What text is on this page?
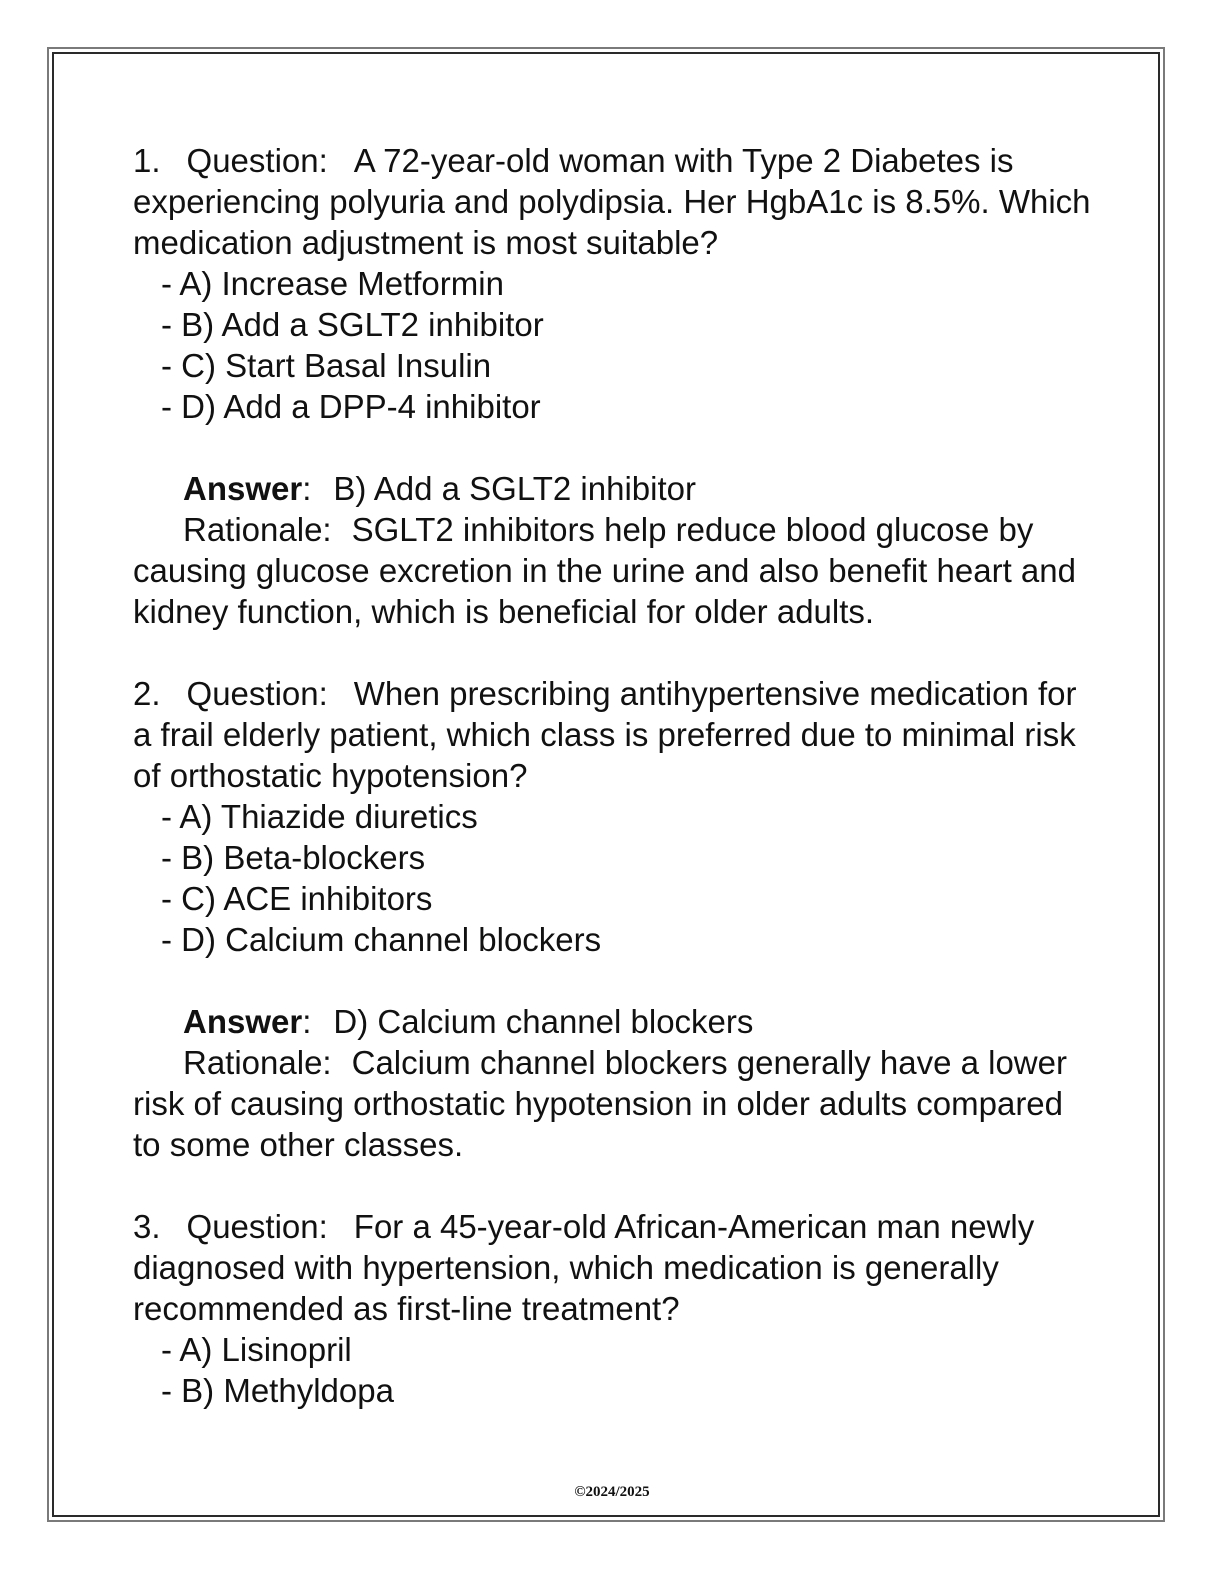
1. Question: A 72-year-old woman with Type 2 Diabetes is experiencing polyuria and polydipsia. Her HgbA1c is 8.5%. Which medication adjustment is most suitable?

- A) Increase Metformin
- B) Add a SGLT2 inhibitor
- C) Start Basal Insulin
- D) Add a DPP-4 inhibitor
Answer: B) Add a SGLT2 inhibitor

Rationale: SGLT2 inhibitors help reduce blood glucose by causing glucose excretion in the urine and also benefit heart and kidney function, which is beneficial for older adults.

2. Question: When prescribing antihypertensive medication for a frail elderly patient, which class is preferred due to minimal risk of orthostatic hypotension?

- A) Thiazide diuretics
- B) Beta-blockers
- C) ACE inhibitors
- D) Calcium channel blockers
Answer: D) Calcium channel blockers

Rationale: Calcium channel blockers generally have a lower risk of causing orthostatic hypotension in older adults compared to some other classes.

3. Question: For a 45-year-old African-American man newly diagnosed with hypertension, which medication is generally recommended as first-line treatment?

- A) Lisinopril
- B) Methyldopa
©2024/2025
